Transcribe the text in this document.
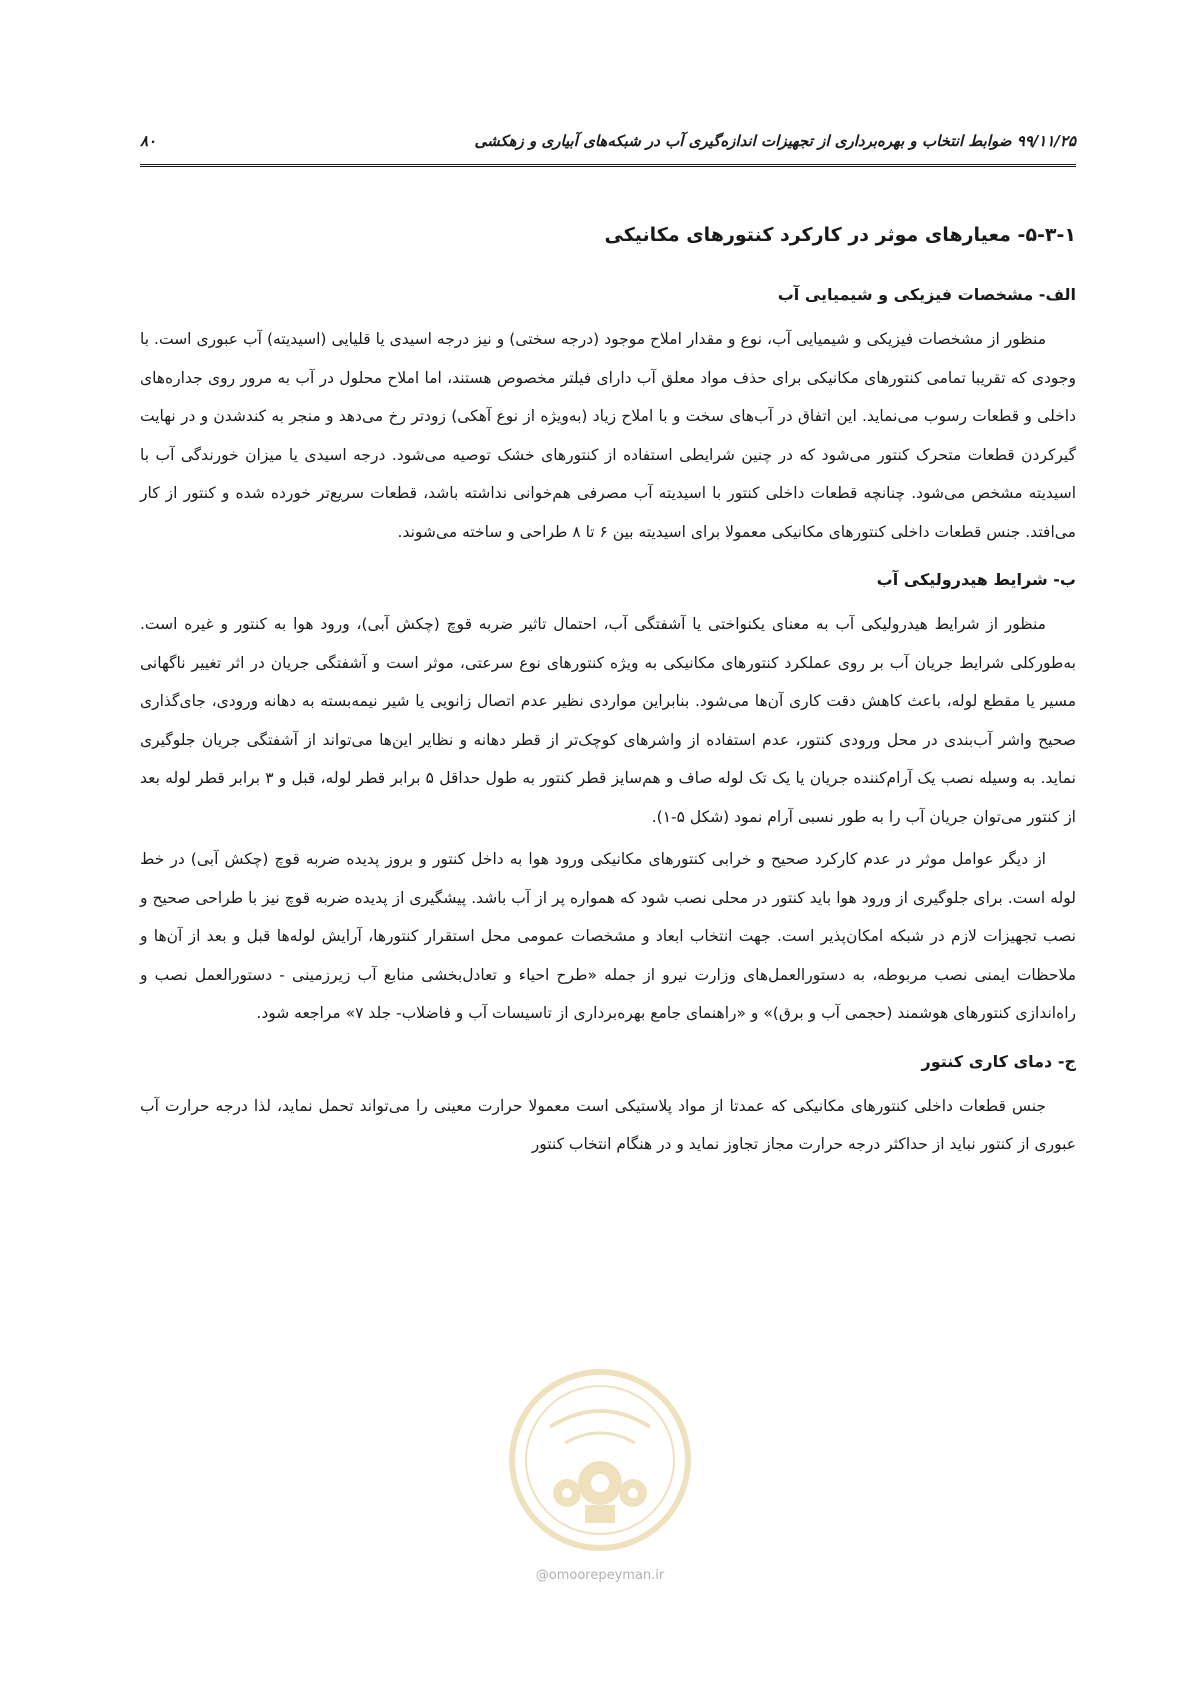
۹۹/۱۱/۲۵ ضوابط انتخاب و بهره‌برداری از تجهیزات اندازه‌گیری آب در شبکه‌های آبیاری و زهکشی
۸۰
۵-۳-۱- معیارهای موثر در کارکرد کنتورهای مکانیکی
الف- مشخصات فیزیکی و شیمیایی آب
منظور از مشخصات فیزیکی و شیمیایی آب، نوع و مقدار املاح موجود (درجه سختی) و نیز درجه اسیدی یا قلیایی (اسیدیته) آب عبوری است. با وجودی که تقریبا تمامی کنتورهای مکانیکی برای حذف مواد معلق آب دارای فیلتر مخصوص هستند، اما املاح محلول در آب به مرور روی جداره‌های داخلی و قطعات رسوب می‌نماید. این اتفاق در آب‌های سخت و با املاح زیاد (به‌ویژه از نوع آهکی) زودتر رخ می‌دهد و منجر به کندشدن و در نهایت گیرکردن قطعات متحرک کنتور می‌شود که در چنین شرایطی استفاده از کنتورهای خشک توصیه می‌شود. درجه اسیدی یا میزان خورندگی آب با اسیدیته مشخص می‌شود. چنانچه قطعات داخلی کنتور با اسیدیته آب مصرفی هم‌خوانی نداشته باشد، قطعات سریع‌تر خورده شده و کنتور از کار می‌افتد. جنس قطعات داخلی کنتورهای مکانیکی معمولا برای اسیدیته بین ۶ تا ۸ طراحی و ساخته می‌شوند.
ب- شرایط هیدرولیکی آب
منظور از شرایط هیدرولیکی آب به معنای یکنواختی یا آشفتگی آب، احتمال تاثیر ضربه قوچ (چکش آبی)، ورود هوا به کنتور و غیره است. به‌طورکلی شرایط جریان آب بر روی عملکرد کنتورهای مکانیکی به ویژه کنتورهای نوع سرعتی، موثر است و آشفتگی جریان در اثر تغییر ناگهانی مسیر یا مقطع لوله، باعث کاهش دقت کاری آن‌ها می‌شود. بنابراین مواردی نظیر عدم اتصال زانویی یا شیر نیمه‌بسته به دهانه ورودی، جای‌گذاری صحیح واشر آب‌بندی در محل ورودی کنتور، عدم استفاده از واشرهای کوچک‌تر از قطر دهانه و نظایر این‌ها می‌تواند از آشفتگی جریان جلوگیری نماید. به وسیله نصب یک آرام‌کننده جریان یا یک تک لوله صاف و هم‌سایز قطر کنتور به طول حداقل ۵ برابر قطر لوله، قبل و ۳ برابر قطر لوله بعد از کنتور می‌توان جریان آب را به طور نسبی آرام نمود (شکل ۵-۱).
از دیگر عوامل موثر در عدم کارکرد صحیح و خرابی کنتورهای مکانیکی ورود هوا به داخل کنتور و بروز پدیده ضربه قوچ (چکش آبی) در خط لوله است. برای جلوگیری از ورود هوا باید کنتور در محلی نصب شود که همواره پر از آب باشد. پیشگیری از پدیده ضربه قوچ نیز با طراحی صحیح و نصب تجهیزات لازم در شبکه امکان‌پذیر است. جهت انتخاب ابعاد و مشخصات عمومی محل استقرار کنتورها، آرایش لوله‌ها قبل و بعد از آن‌ها و ملاحظات ایمنی نصب مربوطه، به دستورالعمل‌های وزارت نیرو از جمله «طرح احیاء و تعادل‌بخشی منابع آب زیرزمینی - دستورالعمل نصب و راه‌اندازی کنتورهای هوشمند (حجمی آب و برق)» و «راهنمای جامع بهره‌برداری از تاسیسات آب و فاضلاب- جلد ۷» مراجعه شود.
ج- دمای کاری کنتور
جنس قطعات داخلی کنتورهای مکانیکی که عمدتا از مواد پلاستیکی است معمولا حرارت معینی را می‌تواند تحمل نماید، لذا درجه حرارت آب عبوری از کنتور نباید از حداکثر درجه حرارت مجاز تجاوز نماید و در هنگام انتخاب کنتور
@omoorepeyman.ir
